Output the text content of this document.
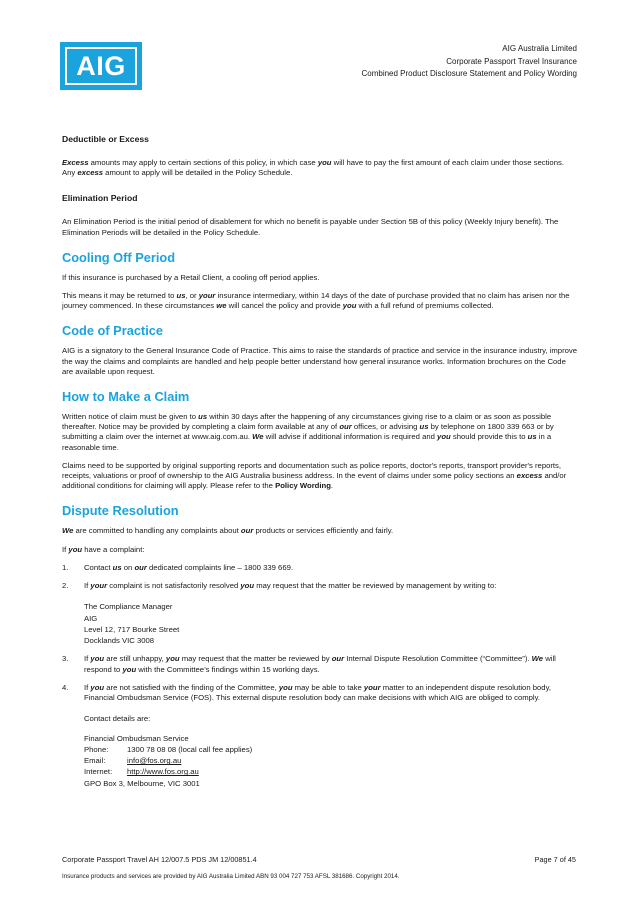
AIG
AIG Australia Limited
Corporate Passport Travel Insurance
Combined Product Disclosure Statement and Policy Wording
Deductible or Excess

Excess amounts may apply to certain sections of this policy, in which case you will have to pay the first amount of each claim under those sections. Any excess amount to apply will be detailed in the Policy Schedule.

Elimination Period

An Elimination Period is the initial period of disablement for which no benefit is payable under Section 5B of this policy (Weekly Injury benefit). The Elimination Periods will be detailed in the Policy Schedule.

Cooling Off Period

If this insurance is purchased by a Retail Client, a cooling off period applies.

This means it may be returned to us, or your insurance intermediary, within 14 days of the date of purchase provided that no claim has arisen nor the journey commenced. In these circumstances we will cancel the policy and provide you with a full refund of premiums collected.

Code of Practice

AIG is a signatory to the General Insurance Code of Practice. This aims to raise the standards of practice and service in the insurance industry, improve the way the claims and complaints are handled and help people better understand how general insurance works. Information brochures on the Code are available upon request.

How to Make a Claim

Written notice of claim must be given to us within 30 days after the happening of any circumstances giving rise to a claim or as soon as possible thereafter. Notice may be provided by completing a claim form available at any of our offices, or advising us by telephone on 1800 339 663 or by submitting a claim over the internet at www.aig.com.au. We will advise if additional information is required and you should provide this to us in a reasonable time.

Claims need to be supported by original supporting reports and documentation such as police reports, doctor's reports, transport provider's reports, receipts, valuations or proof of ownership to the AIG Australia business address. In the event of claims under some policy sections an excess and/or additional conditions for claiming will apply. Please refer to the Policy Wording.

Dispute Resolution

We are committed to handling any complaints about our products or services efficiently and fairly.

If you have a complaint:

1. Contact us on our dedicated complaints line – 1800 339 669.
2. If your complaint is not satisfactorily resolved you may request that the matter be reviewed by management by writing to:
The Compliance Manager
AIG
Level 12, 717 Bourke Street
Docklands VIC 3008
3. If you are still unhappy, you may request that the matter be reviewed by our Internal Dispute Resolution Committee (“Committee”). We will respond to you with the Committee’s findings within 15 working days.
4. If you are not satisfied with the finding of the Committee, you may be able to take your matter to an independent dispute resolution body, Financial Ombudsman Service (FOS). This external dispute resolution body can make decisions with which AIG are obliged to comply.
Contact details are:
Financial Ombudsman Service
Phone:	1300 78 08 08 (local call fee applies)
Email:	info@fos.org.au
Internet:	http://www.fos.org.au
GPO Box 3, Melbourne, VIC 3001
Corporate Passport Travel AH 12/007.5 PDS JM 12/00851.4	Page 7 of 45
Insurance products and services are provided by AIG Australia Limited ABN 93 004 727 753 AFSL 381686. Copyright 2014.
